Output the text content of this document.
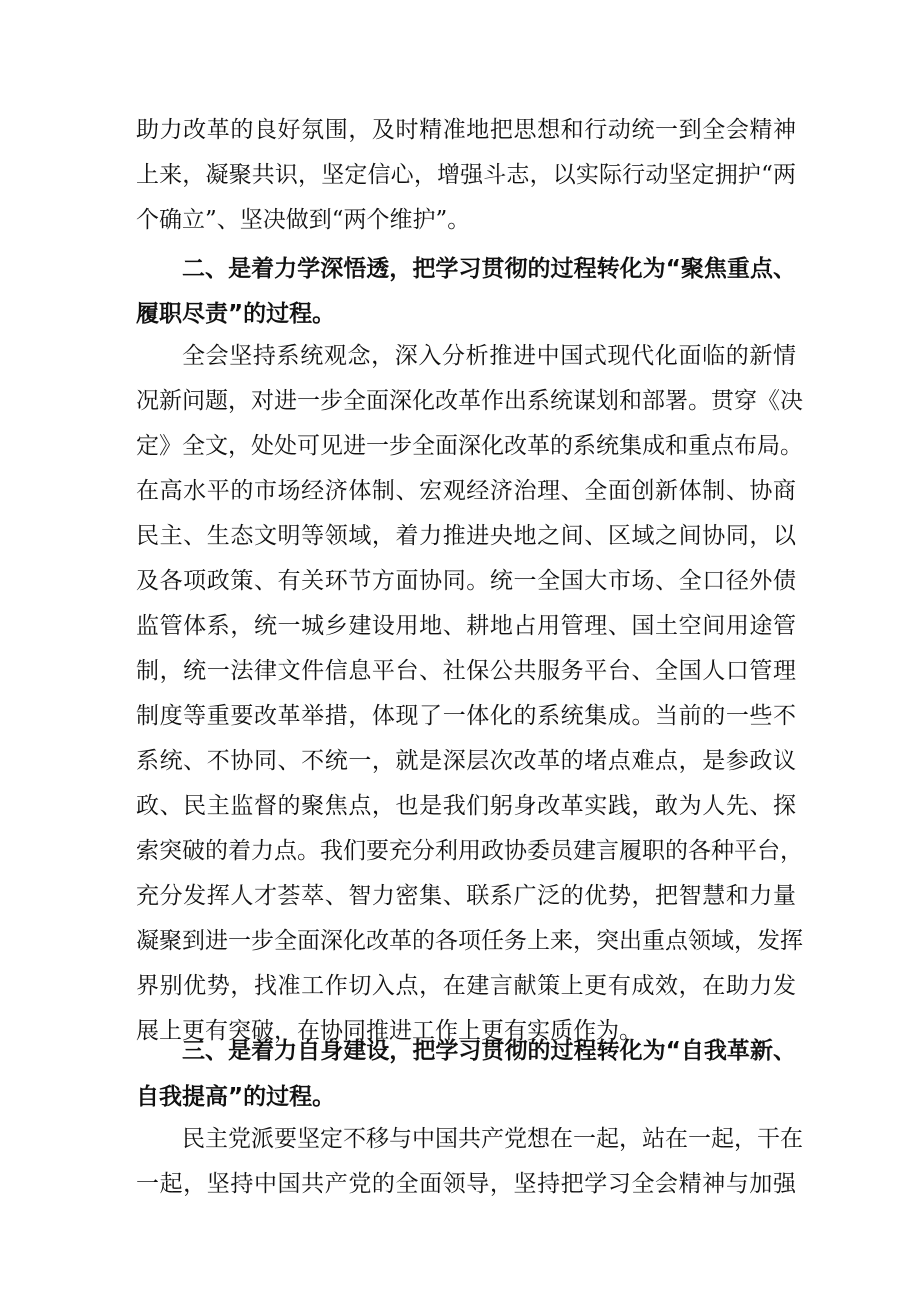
助力改革的良好氛围，及时精准地把思想和行动统一到全会精神
上来，凝聚共识，坚定信心，增强斗志，以实际行动坚定拥护“两
个确立”、坚决做到“两个维护”。
二、是着力学深悟透，把学习贯彻的过程转化为“聚焦重点、
履职尽责”的过程。
全会坚持系统观念，深入分析推进中国式现代化面临的新情
况新问题，对进一步全面深化改革作出系统谋划和部署。贯穿《决
定》全文，处处可见进一步全面深化改革的系统集成和重点布局。
在高水平的市场经济体制、宏观经济治理、全面创新体制、协商
民主、生态文明等领域，着力推进央地之间、区域之间协同，以
及各项政策、有关环节方面协同。统一全国大市场、全口径外债
监管体系，统一城乡建设用地、耕地占用管理、国土空间用途管
制，统一法律文件信息平台、社保公共服务平台、全国人口管理
制度等重要改革举措，体现了一体化的系统集成。当前的一些不
系统、不协同、不统一，就是深层次改革的堵点难点，是参政议
政、民主监督的聚焦点，也是我们躬身改革实践，敢为人先、探
索突破的着力点。我们要充分利用政协委员建言履职的各种平台，
充分发挥人才荟萃、智力密集、联系广泛的优势，把智慧和力量
凝聚到进一步全面深化改革的各项任务上来，突出重点领域，发挥
界别优势，找准工作切入点，在建言献策上更有成效，在助力发
展上更有突破，在协同推进工作上更有实质作为。
三、是着力自身建设，把学习贯彻的过程转化为“自我革新、
自我提高”的过程。
民主党派要坚定不移与中国共产党想在一起，站在一起，干在
一起，坚持中国共产党的全面领导，坚持把学习全会精神与加强
